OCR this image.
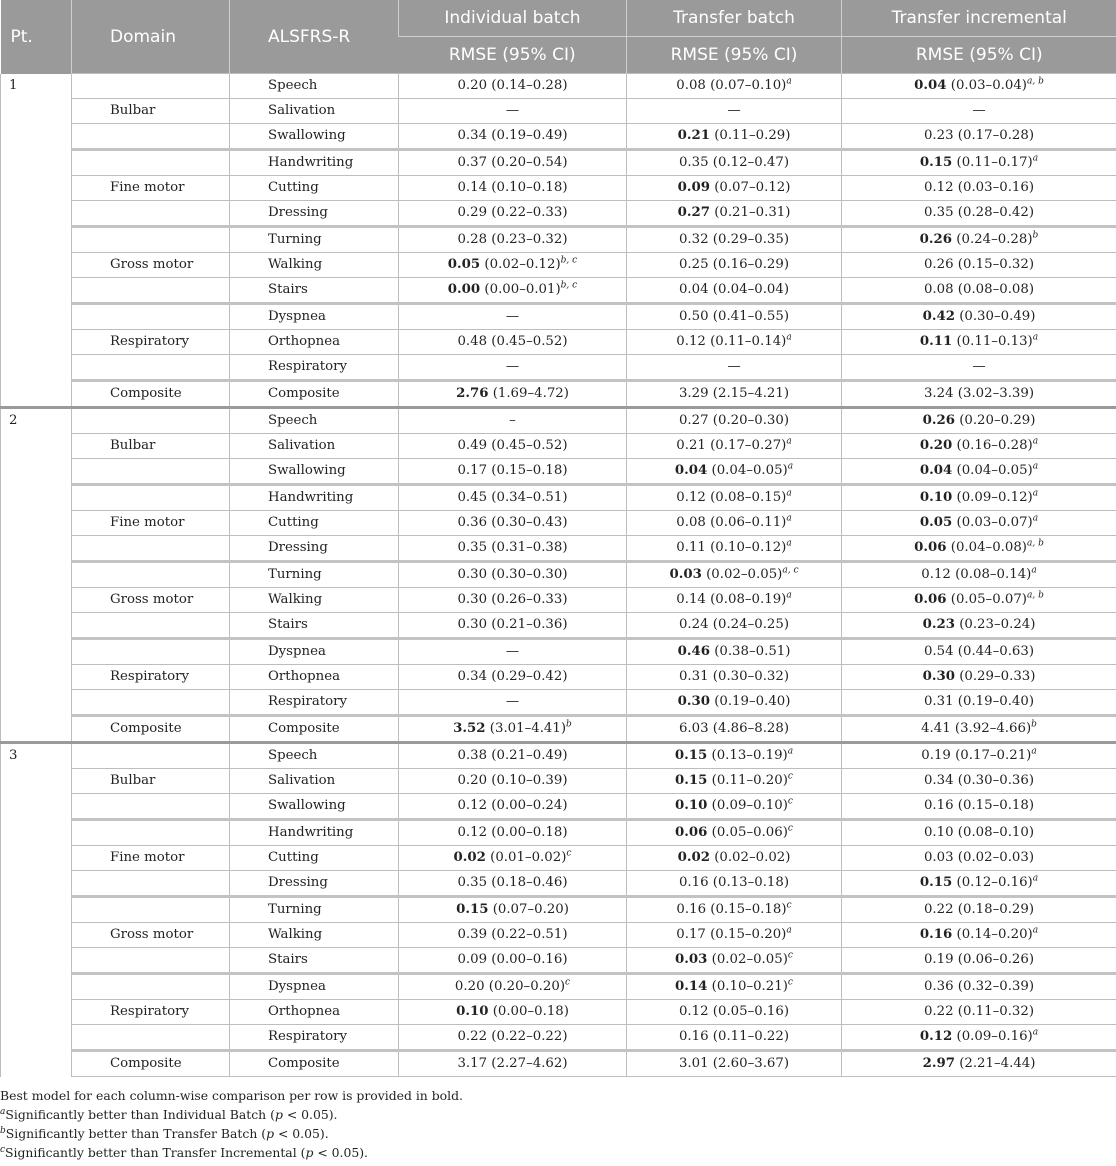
Pt.	Domain	ALSFRS-R	Individual batch	Transfer batch	Transfer incremental
			RMSE (95% CI)	RMSE (95% CI)	RMSE (95% CI)
1		Speech	0.20 (0.14–0.28)	0.08 $(0.07-0.10)^a$	0.04 $(0.03-0.04)^{a, b}$
	Bulbar	Salivation	—	—	—
		Swallowing	0.34 (0.19–0.49)	0.21 (0.11–0.29)	0.23 (0.17–0.28)
		Handwriting	0.37 (0.20–0.54)	0.35 (0.12–0.47)	0.15 $(0.11-0.17)^a$
	Fine motor	Cutting	0.14 (0.10–0.18)	0.09 (0.07–0.12)	0.12 (0.03–0.16)
		Dressing	0.29 (0.22–0.33)	0.27 (0.21–0.31)	0.35 (0.28–0.42)
		Turning	0.28 (0.23–0.32)	0.32 (0.29–0.35)	0.26 $(0.24-0.28)^b$
	Gross motor	Walking	0.05 $(0.02-0.12)^{b, c}$	0.25 (0.16–0.29)	0.26 (0.15–0.32)
		Stairs	0.00 $(0.00-0.01)^{b, c}$	0.04 (0.04–0.04)	0.08 (0.08–0.08)
		Dyspnea	—	0.50 (0.41–0.55)	0.42 (0.30–0.49)
	Respiratory	Orthopnea	0.48 (0.45–0.52)	0.12 $(0.11-0.14)^a$	0.11 $(0.11-0.13)^a$
		Respiratory	—	—	—
	Composite	Composite	2.76 (1.69–4.72)	3.29 (2.15–4.21)	3.24 (3.02–3.39)
2		Speech	–	0.27 (0.20–0.30)	0.26 (0.20–0.29)
	Bulbar	Salivation	0.49 (0.45–0.52)	0.21 $(0.17-0.27)^a$	0.20 $(0.16-0.28)^a$
		Swallowing	0.17 (0.15–0.18)	0.04 $(0.04-0.05)^a$	0.04 $(0.04-0.05)^a$
		Handwriting	0.45 (0.34–0.51)	0.12 $(0.08-0.15)^a$	0.10 $(0.09-0.12)^a$
	Fine motor	Cutting	0.36 (0.30–0.43)	0.08 $(0.06-0.11)^a$	0.05 $(0.03-0.07)^a$
		Dressing	0.35 (0.31–0.38)	0.11 $(0.10-0.12)^a$	0.06 $(0.04-0.08)^{a, b}$
		Turning	0.30 (0.30–0.30)	0.03 $(0.02-0.05)^{a, c}$	0.12 $(0.08-0.14)^a$
	Gross motor	Walking	0.30 (0.26–0.33)	0.14 $(0.08-0.19)^a$	0.06 $(0.05-0.07)^{a, b}$
		Stairs	0.30 (0.21–0.36)	0.24 (0.24–0.25)	0.23 (0.23–0.24)
		Dyspnea	—	0.46 (0.38–0.51)	0.54 (0.44–0.63)
	Respiratory	Orthopnea	0.34 (0.29–0.42)	0.31 (0.30–0.32)	0.30 (0.29–0.33)
		Respiratory	—	0.30 (0.19–0.40)	0.31 (0.19–0.40)
	Composite	Composite	3.52 $(3.01-4.41)^b$	6.03 (4.86–8.28)	4.41 $(3.92-4.66)^b$
3		Speech	0.38 (0.21–0.49)	0.15 $(0.13-0.19)^a$	0.19 $(0.17-0.21)^a$
	Bulbar	Salivation	0.20 (0.10–0.39)	0.15 $(0.11-0.20)^c$	0.34 (0.30–0.36)
		Swallowing	0.12 (0.00–0.24)	0.10 $(0.09-0.10)^c$	0.16 (0.15–0.18)
		Handwriting	0.12 (0.00–0.18)	0.06 $(0.05-0.06)^c$	0.10 (0.08–0.10)
	Fine motor	Cutting	0.02 $(0.01-0.02)^c$	0.02 (0.02–0.02)	0.03 (0.02–0.03)
		Dressing	0.35 (0.18–0.46)	0.16 (0.13–0.18)	0.15 $(0.12-0.16)^a$
		Turning	0.15 (0.07–0.20)	0.16 $(0.15-0.18)^c$	0.22 (0.18–0.29)
	Gross motor	Walking	0.39 (0.22–0.51)	0.17 $(0.15-0.20)^a$	0.16 $(0.14-0.20)^a$
		Stairs	0.09 (0.00–0.16)	0.03 $(0.02-0.05)^c$	0.19 (0.06–0.26)
		Dyspnea	0.20 $(0.20-0.20)^c$	0.14 $(0.10-0.21)^c$	0.36 (0.32–0.39)
	Respiratory	Orthopnea	0.10 (0.00–0.18)	0.12 (0.05–0.16)	0.22 (0.11–0.32)
		Respiratory	0.22 (0.22–0.22)	0.16 (0.11–0.22)	0.12 $(0.09-0.16)^a$
	Composite	Composite	3.17 (2.27–4.62)	3.01 (2.60–3.67)	2.97 (2.21–4.44)
Best model for each column-wise comparison per row is provided in bold.
$^a$Significantly better than Individual Batch (p < 0.05).
$^b$Significantly better than Transfer Batch (p < 0.05).
$^c$Significantly better than Transfer Incremental (p < 0.05).
